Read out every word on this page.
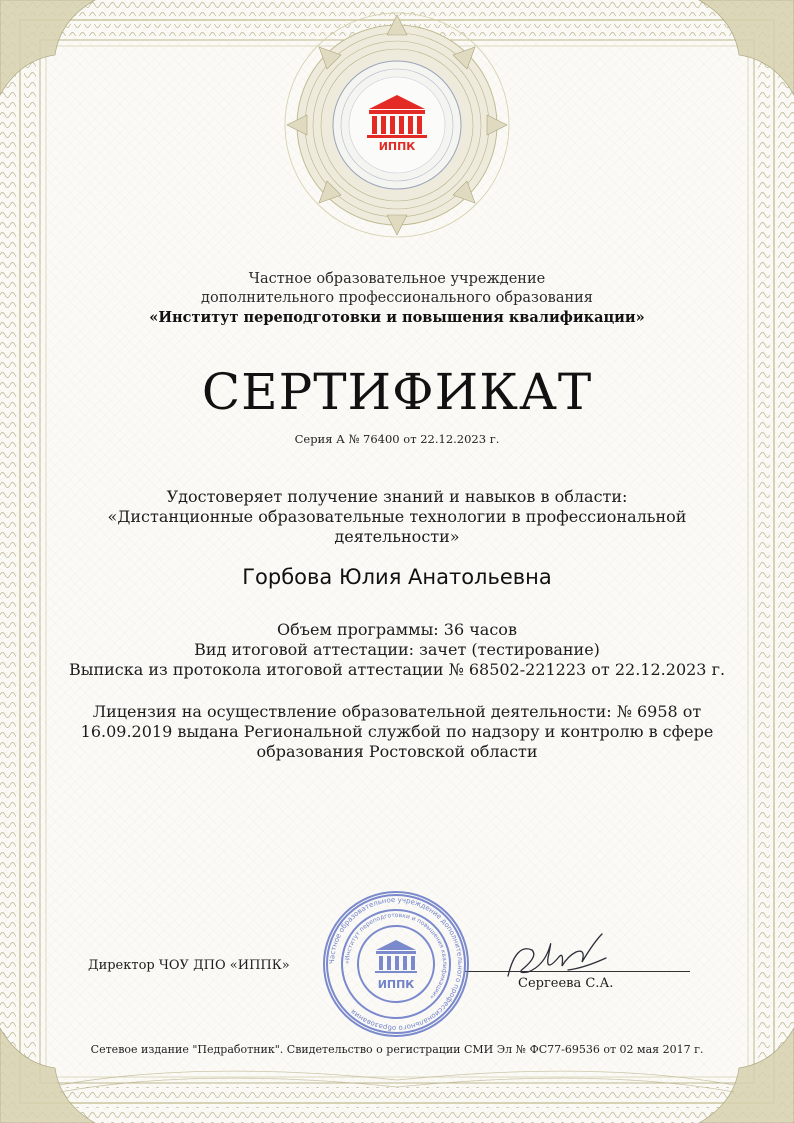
ИППК
Частное образовательное учреждение
дополнительного профессионального образования
«Институт переподготовки и повышения квалификации»
СЕРТИФИКАТ
Серия А № 76400 от 22.12.2023 г.
Удостоверяет получение знаний и навыков в области:
«Дистанционные образовательные технологии в профессиональной деятельности»
Горбова Юлия Анатольевна
Объем программы: 36 часов
Вид итоговой аттестации: зачет (тестирование)
Выписка из протокола итоговой аттестации № 68502-221223 от 22.12.2023 г.
Лицензия на осуществление образовательной деятельности: № 6958 от 16.09.2019 выдана Региональной службой по надзору и контролю в сфере образования Ростовской области
Директор ЧОУ ДПО «ИППК»
Сергеева С.А.
Частное образовательное учреждение дополнительного профессионального образования
«Институт переподготовки и повышения квалификации»
ИППК
Сетевое издание "Педработник". Свидетельство о регистрации СМИ Эл № ФС77-69536 от 02 мая 2017 г.
